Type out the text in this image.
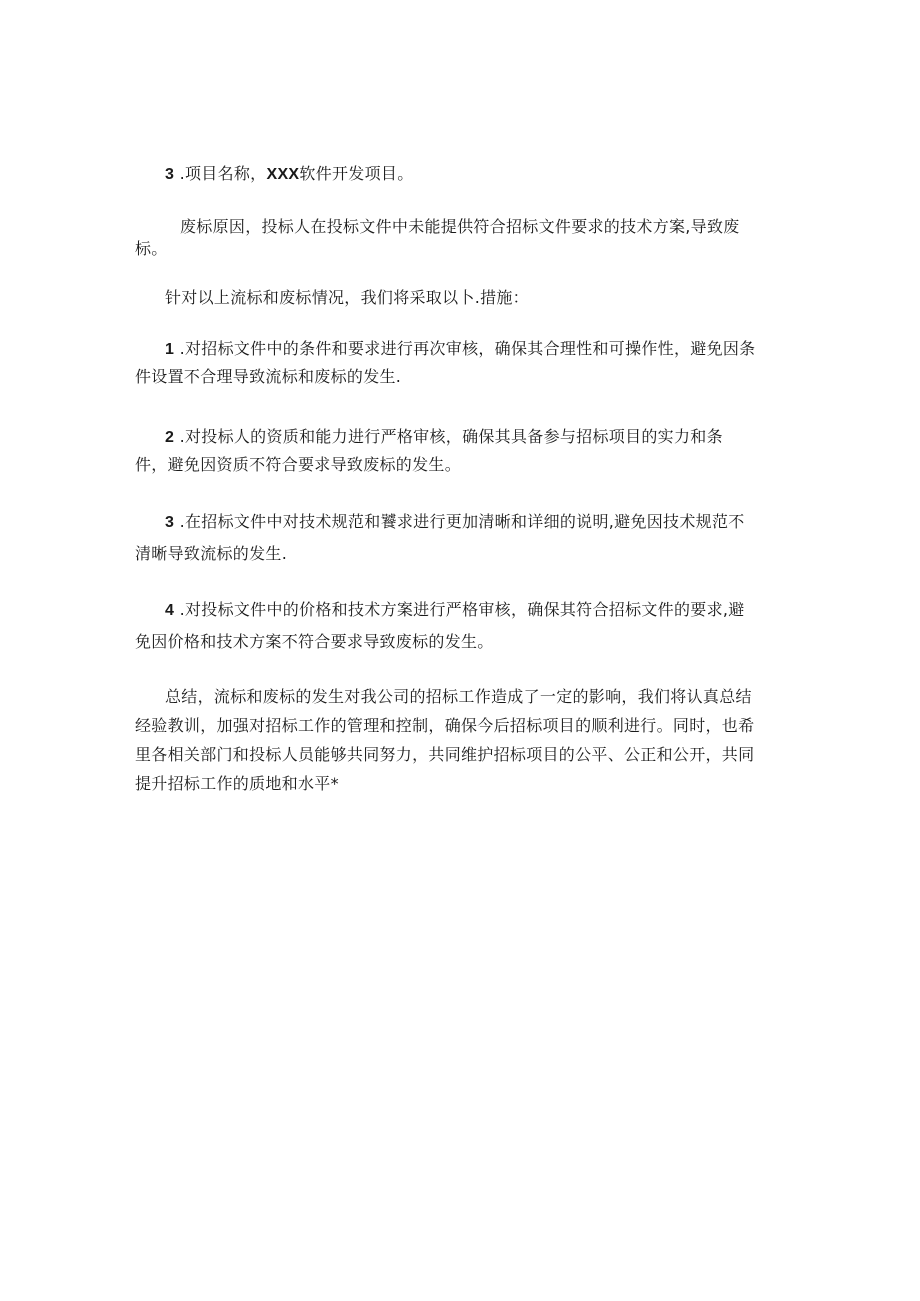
3 .项目名称，XXX软件开发项目。

废标原因，投标人在投标文件中未能提供符合招标文件要求的技术方案,导致废
标。

针对以上流标和废标情况，我们将采取以卜.措施：

1 .对招标文件中的条件和要求进行再次审核，确保其合理性和可操作性，避免因条
件设置不合理导致流标和废标的发生.

2 .对投标人的资质和能力进行严格审核，确保其具备参与招标项目的实力和条
件，避免因资质不符合要求导致废标的发生。

3 .在招标文件中对技术规范和饕求进行更加清晰和详细的说明,避免因技术规范不
清晰导致流标的发生.

4 .对投标文件中的价格和技术方案进行严格审核，确保其符合招标文件的要求,避
免因价格和技术方案不符合要求导致废标的发生。

总结，流标和废标的发生对我公司的招标工作造成了一定的影响，我们将认真总结
经验教训，加强对招标工作的管理和控制，确保今后招标项目的顺利进行。同时，也希
里各相关部门和投标人员能够共同努力，共同维护招标项目的公平、公正和公开，共同
提升招标工作的质地和水平*
